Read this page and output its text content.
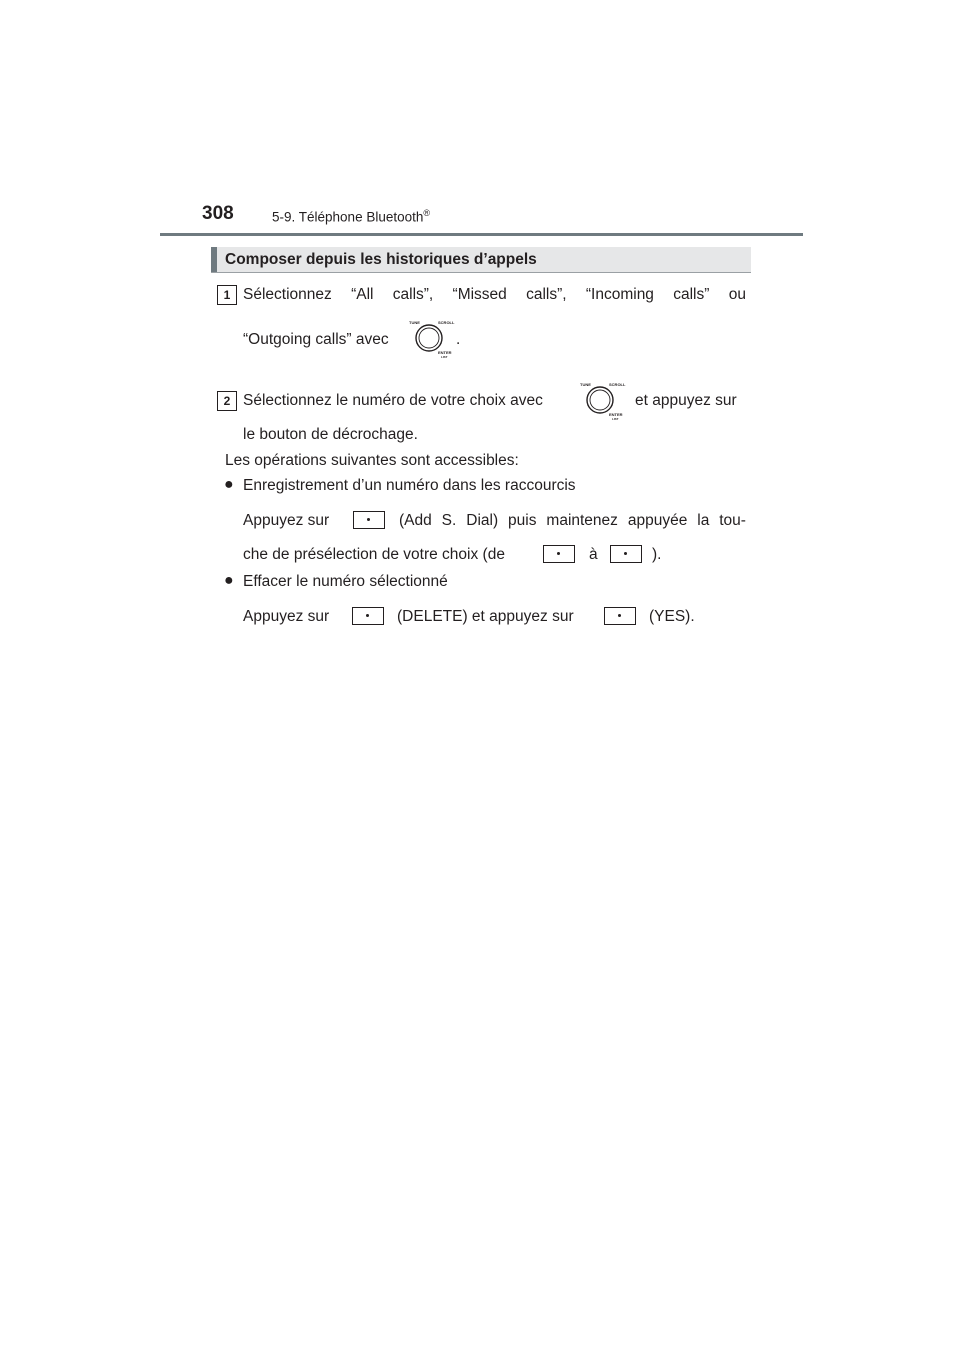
308	5-9. Téléphone Bluetooth®
Composer depuis les historiques d’appels
1 Sélectionnez “All calls”, “Missed calls”, “Incoming calls” ou
“Outgoing calls” avec
TUNE	SCROLL
ENTER
LIST
.
2 Sélectionnez le numéro de votre choix avec
TUNE	SCROLL
ENTER
LIST
et appuyez sur
le bouton de décrochage.
Les opérations suivantes sont accessibles:
● Enregistrement d’un numéro dans les raccourcis
Appuyez sur	(Add S. Dial) puis maintenez appuyée la tou-
che de présélection de votre choix (de	à	).
● Effacer le numéro sélectionné
Appuyez sur	(DELETE) et appuyez sur	(YES).
